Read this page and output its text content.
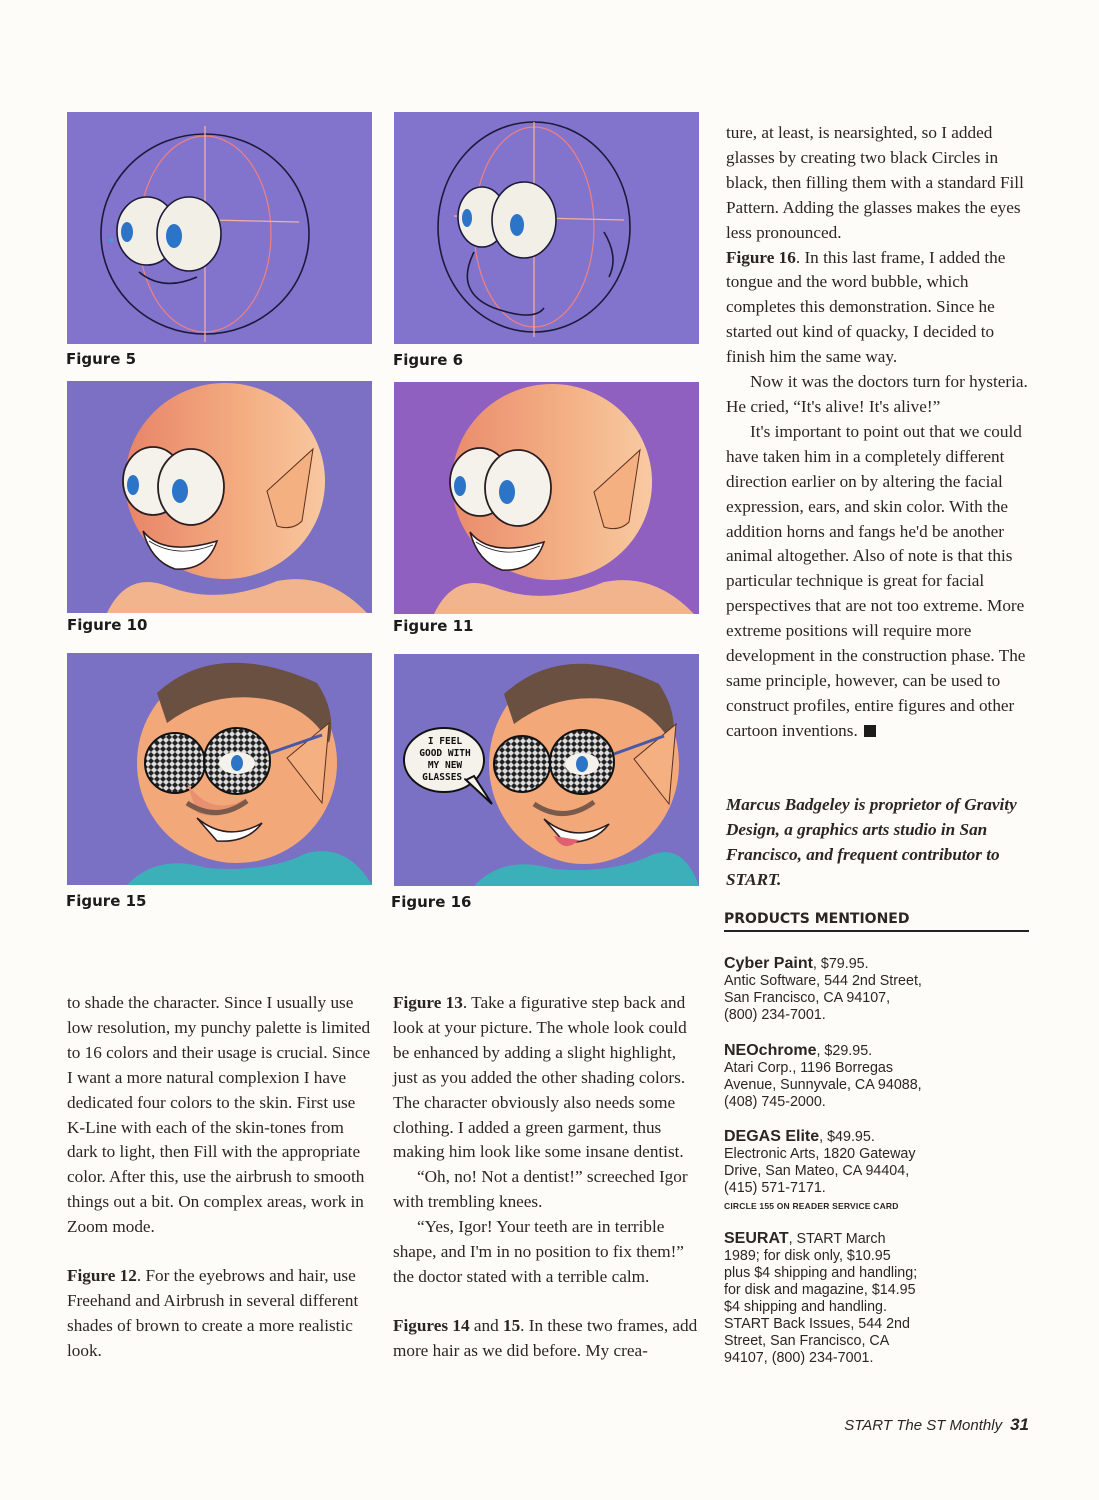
Figure 5	Figure 6
Figure 10	Figure 11
Figure 15
I FEEL
GOOD WITH
MY NEW
GLASSES.
Figure 16

to shade the character. Since I usually use low resolution, my punchy palette is limited to 16 colors and their usage is crucial. Since I want a more natural complexion I have dedicated four colors to the skin. First use K-Line with each of the skin-tones from dark to light, then Fill with the appropriate color. After this, use the airbrush to smooth things out a bit. On complex areas, work in Zoom mode.

Figure 12. For the eyebrows and hair, use Freehand and Airbrush in several different shades of brown to create a more realistic look.

Figure 13. Take a figurative step back and look at your picture. The whole look could be enhanced by adding a slight highlight, just as you added the other shading colors. The character obviously also needs some clothing. I added a green garment, thus making him look like some insane dentist.

“Oh, no! Not a dentist!” screeched Igor with trembling knees.

“Yes, Igor! Your teeth are in terrible shape, and I'm in no position to fix them!” the doctor stated with a terrible calm.

Figures 14 and 15. In these two frames, add more hair as we did before. My crea-

ture, at least, is nearsighted, so I added glasses by creating two black Circles in black, then filling them with a standard Fill Pattern. Adding the glasses makes the eyes less pronounced.

Figure 16. In this last frame, I added the tongue and the word bubble, which completes this demonstration. Since he started out kind of quacky, I decided to finish him the same way.

Now it was the doctors turn for hysteria. He cried, “It's alive! It's alive!”

It's important to point out that we could have taken him in a completely different direction earlier on by altering the facial expression, ears, and skin color. With the addition horns and fangs he'd be another animal altogether. Also of note is that this particular technique is great for facial perspectives that are not too extreme. More extreme positions will require more development in the construction phase. The same principle, however, can be used to construct profiles, entire figures and other cartoon inventions.

Marcus Badgeley is proprietor of Gravity Design, a graphics arts studio in San Francisco, and frequent contributor to START.
PRODUCTS MENTIONED
Cyber Paint, $79.95.
Antic Software, 544 2nd Street, San Francisco, CA 94107, (800) 234-7001.
NEOchrome, $29.95.
Atari Corp., 1196 Borregas Avenue, Sunnyvale, CA 94088, (408) 745-2000.
DEGAS Elite, $49.95.
Electronic Arts, 1820 Gateway Drive, San Mateo, CA 94404, (415) 571-7171.
CIRCLE 155 ON READER SERVICE CARD
SEURAT, START March 1989; for disk only, $10.95 plus $4 shipping and handling; for disk and magazine, $14.95 $4 shipping and handling. START Back Issues, 544 2nd Street, San Francisco, CA 94107, (800) 234-7001.
START The ST Monthly 31
